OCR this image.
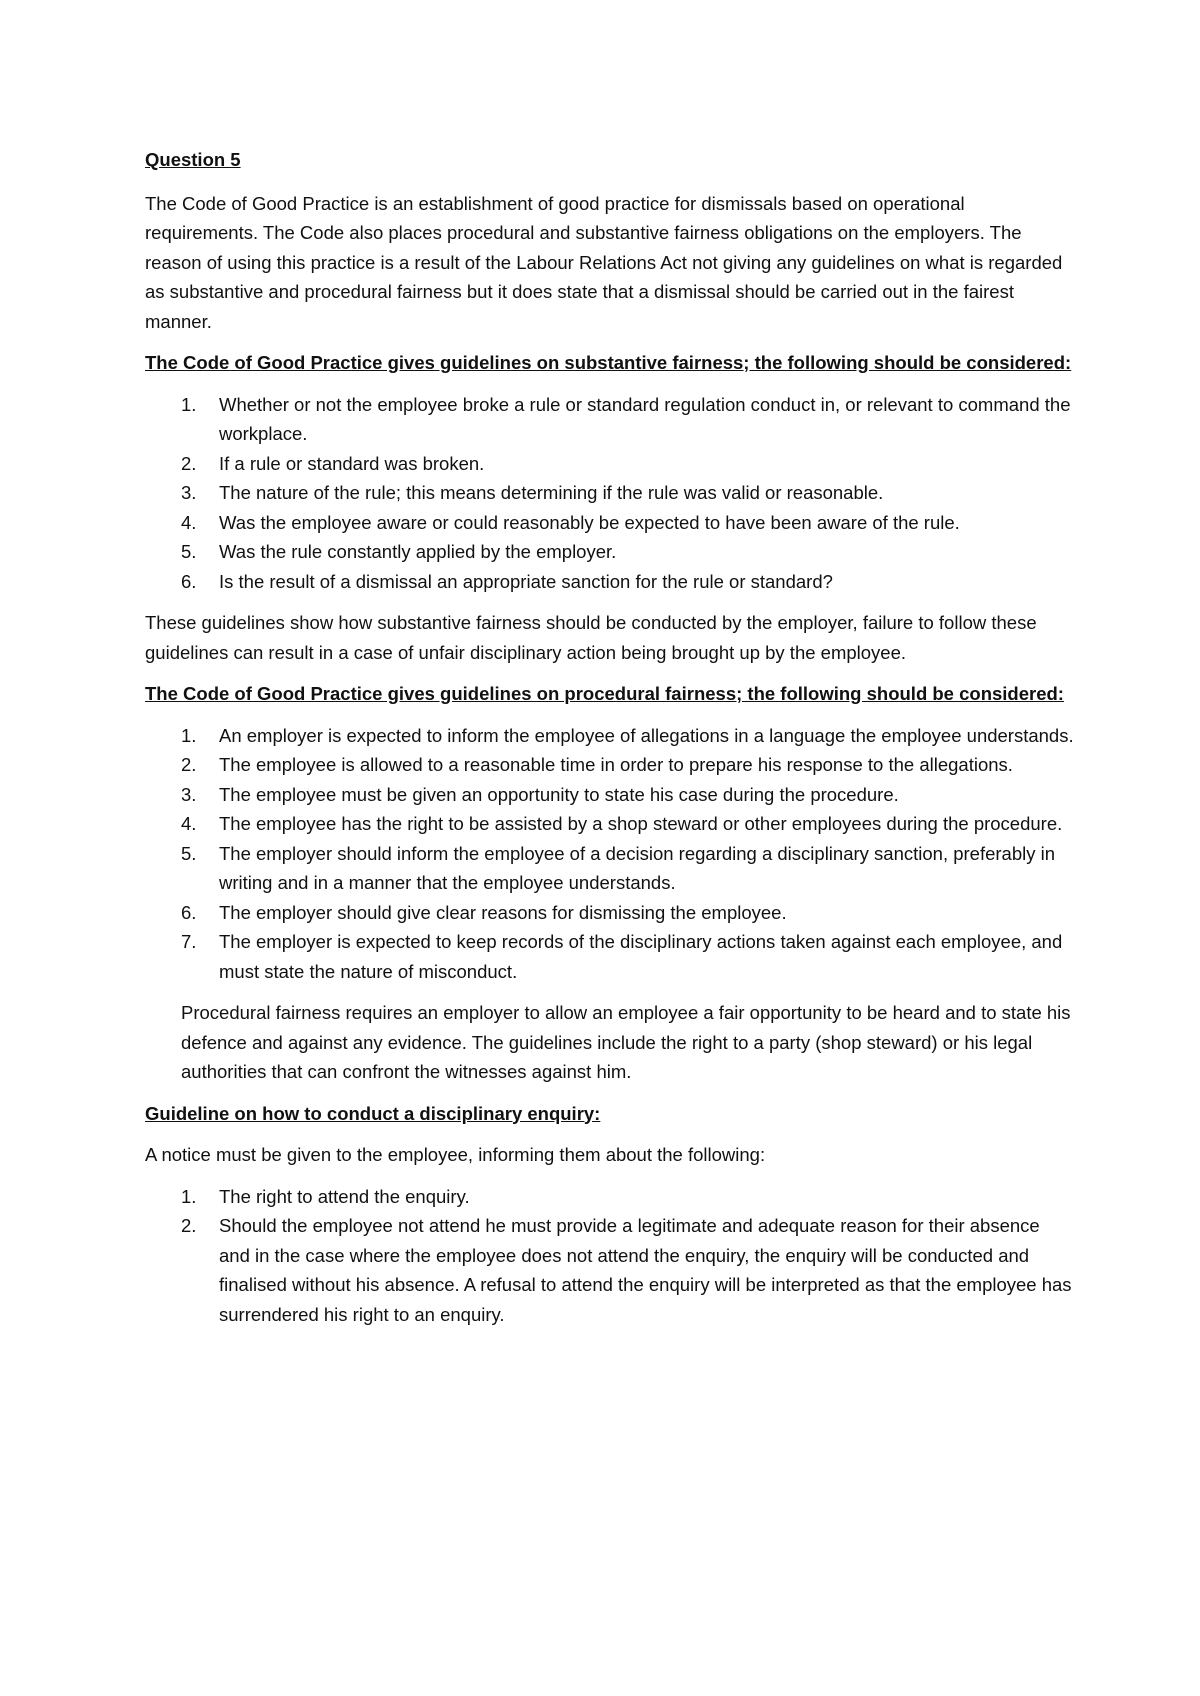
Question 5

The Code of Good Practice is an establishment of good practice for dismissals based on operational requirements. The Code also places procedural and substantive fairness obligations on the employers. The reason of using this practice is a result of the Labour Relations Act not giving any guidelines on what is regarded as substantive and procedural fairness but it does state that a dismissal should be carried out in the fairest manner.

The Code of Good Practice gives guidelines on substantive fairness; the following should be considered:

1. Whether or not the employee broke a rule or standard regulation conduct in, or relevant to command the workplace.
2. If a rule or standard was broken.
3. The nature of the rule; this means determining if the rule was valid or reasonable.
4. Was the employee aware or could reasonably be expected to have been aware of the rule.
5. Was the rule constantly applied by the employer.
6. Is the result of a dismissal an appropriate sanction for the rule or standard?

These guidelines show how substantive fairness should be conducted by the employer, failure to follow these guidelines can result in a case of unfair disciplinary action being brought up by the employee.

The Code of Good Practice gives guidelines on procedural fairness; the following should be considered:

1. An employer is expected to inform the employee of allegations in a language the employee understands.
2. The employee is allowed to a reasonable time in order to prepare his response to the allegations.
3. The employee must be given an opportunity to state his case during the procedure.
4. The employee has the right to be assisted by a shop steward or other employees during the procedure.
5. The employer should inform the employee of a decision regarding a disciplinary sanction, preferably in writing and in a manner that the employee understands.
6. The employer should give clear reasons for dismissing the employee.
7. The employer is expected to keep records of the disciplinary actions taken against each employee, and must state the nature of misconduct.

Procedural fairness requires an employer to allow an employee a fair opportunity to be heard and to state his defence and against any evidence. The guidelines include the right to a party (shop steward) or his legal authorities that can confront the witnesses against him.

Guideline on how to conduct a disciplinary enquiry:

A notice must be given to the employee, informing them about the following:

1. The right to attend the enquiry.
2. Should the employee not attend he must provide a legitimate and adequate reason for their absence and in the case where the employee does not attend the enquiry, the enquiry will be conducted and finalised without his absence. A refusal to attend the enquiry will be interpreted as that the employee has surrendered his right to an enquiry.
